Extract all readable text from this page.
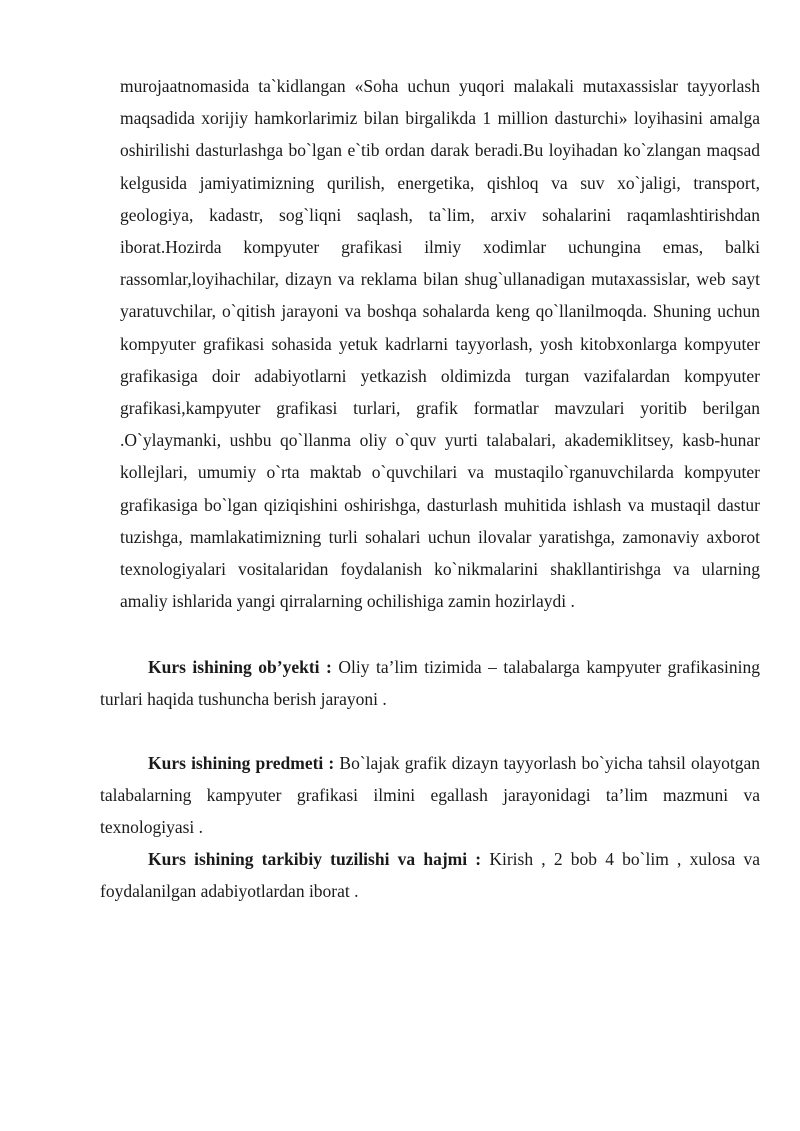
murojaatnomasida ta`kidlangan «Soha uchun yuqori malakali mutaxassislar tayyorlash maqsadida xorijiy hamkorlarimiz bilan birgalikda 1 million dasturchi» loyihasini amalga oshirilishi dasturlashga bo`lgan e`tib ordan darak beradi.Bu loyihadan ko`zlangan maqsad kelgusida jamiyatimizning qurilish, energetika, qishloq va suv xo`jaligi, transport, geologiya, kadastr, sog`liqni saqlash, ta`lim, arxiv sohalarini raqamlashtirishdan iborat.Hozirda kompyuter grafikasi ilmiy xodimlar uchungina emas, balki rassomlar,loyihachilar, dizayn va reklama bilan shug`ullanadigan mutaxassislar, web sayt yaratuvchilar, o`qitish jarayoni va boshqa sohalarda keng qo`llanilmoqda. Shuning uchun kompyuter grafikasi sohasida yetuk kadrlarni tayyorlash, yosh kitobxonlarga kompyuter grafikasiga doir adabiyotlarni yetkazish oldimizda turgan vazifalardan kompyuter grafikasi,kampyuter grafikasi turlari, grafik formatlar mavzulari yoritib berilgan .O`ylaymanki, ushbu qo`llanma oliy o`quv yurti talabalari, akademiklitsey, kasb-hunar kollejlari, umumiy o`rta maktab o`quvchilari va mustaqilo`rganuvchilarda kompyuter grafikasiga bo`lgan qiziqishini oshirishga, dasturlash muhitida ishlash va mustaqil dastur tuzishga, mamlakatimizning turli sohalari uchun ilovalar yaratishga, zamonaviy axborot texnologiyalari vositalaridan foydalanish ko`nikmalarini shakllantirishga va ularning amaliy ishlarida yangi qirralarning ochilishiga zamin hozirlaydi .

Kurs ishining ob’yekti : Oliy ta’lim tizimida – talabalarga kampyuter grafikasining turlari haqida tushuncha berish jarayoni .

Kurs ishining predmeti : Bo`lajak grafik dizayn tayyorlash bo`yicha tahsil olayotgan talabalarning kampyuter grafikasi ilmini egallash jarayonidagi ta’lim mazmuni va texnologiyasi .

Kurs ishining tarkibiy tuzilishi va hajmi : Kirish , 2 bob 4 bo`lim , xulosa va foydalanilgan adabiyotlardan iborat .
